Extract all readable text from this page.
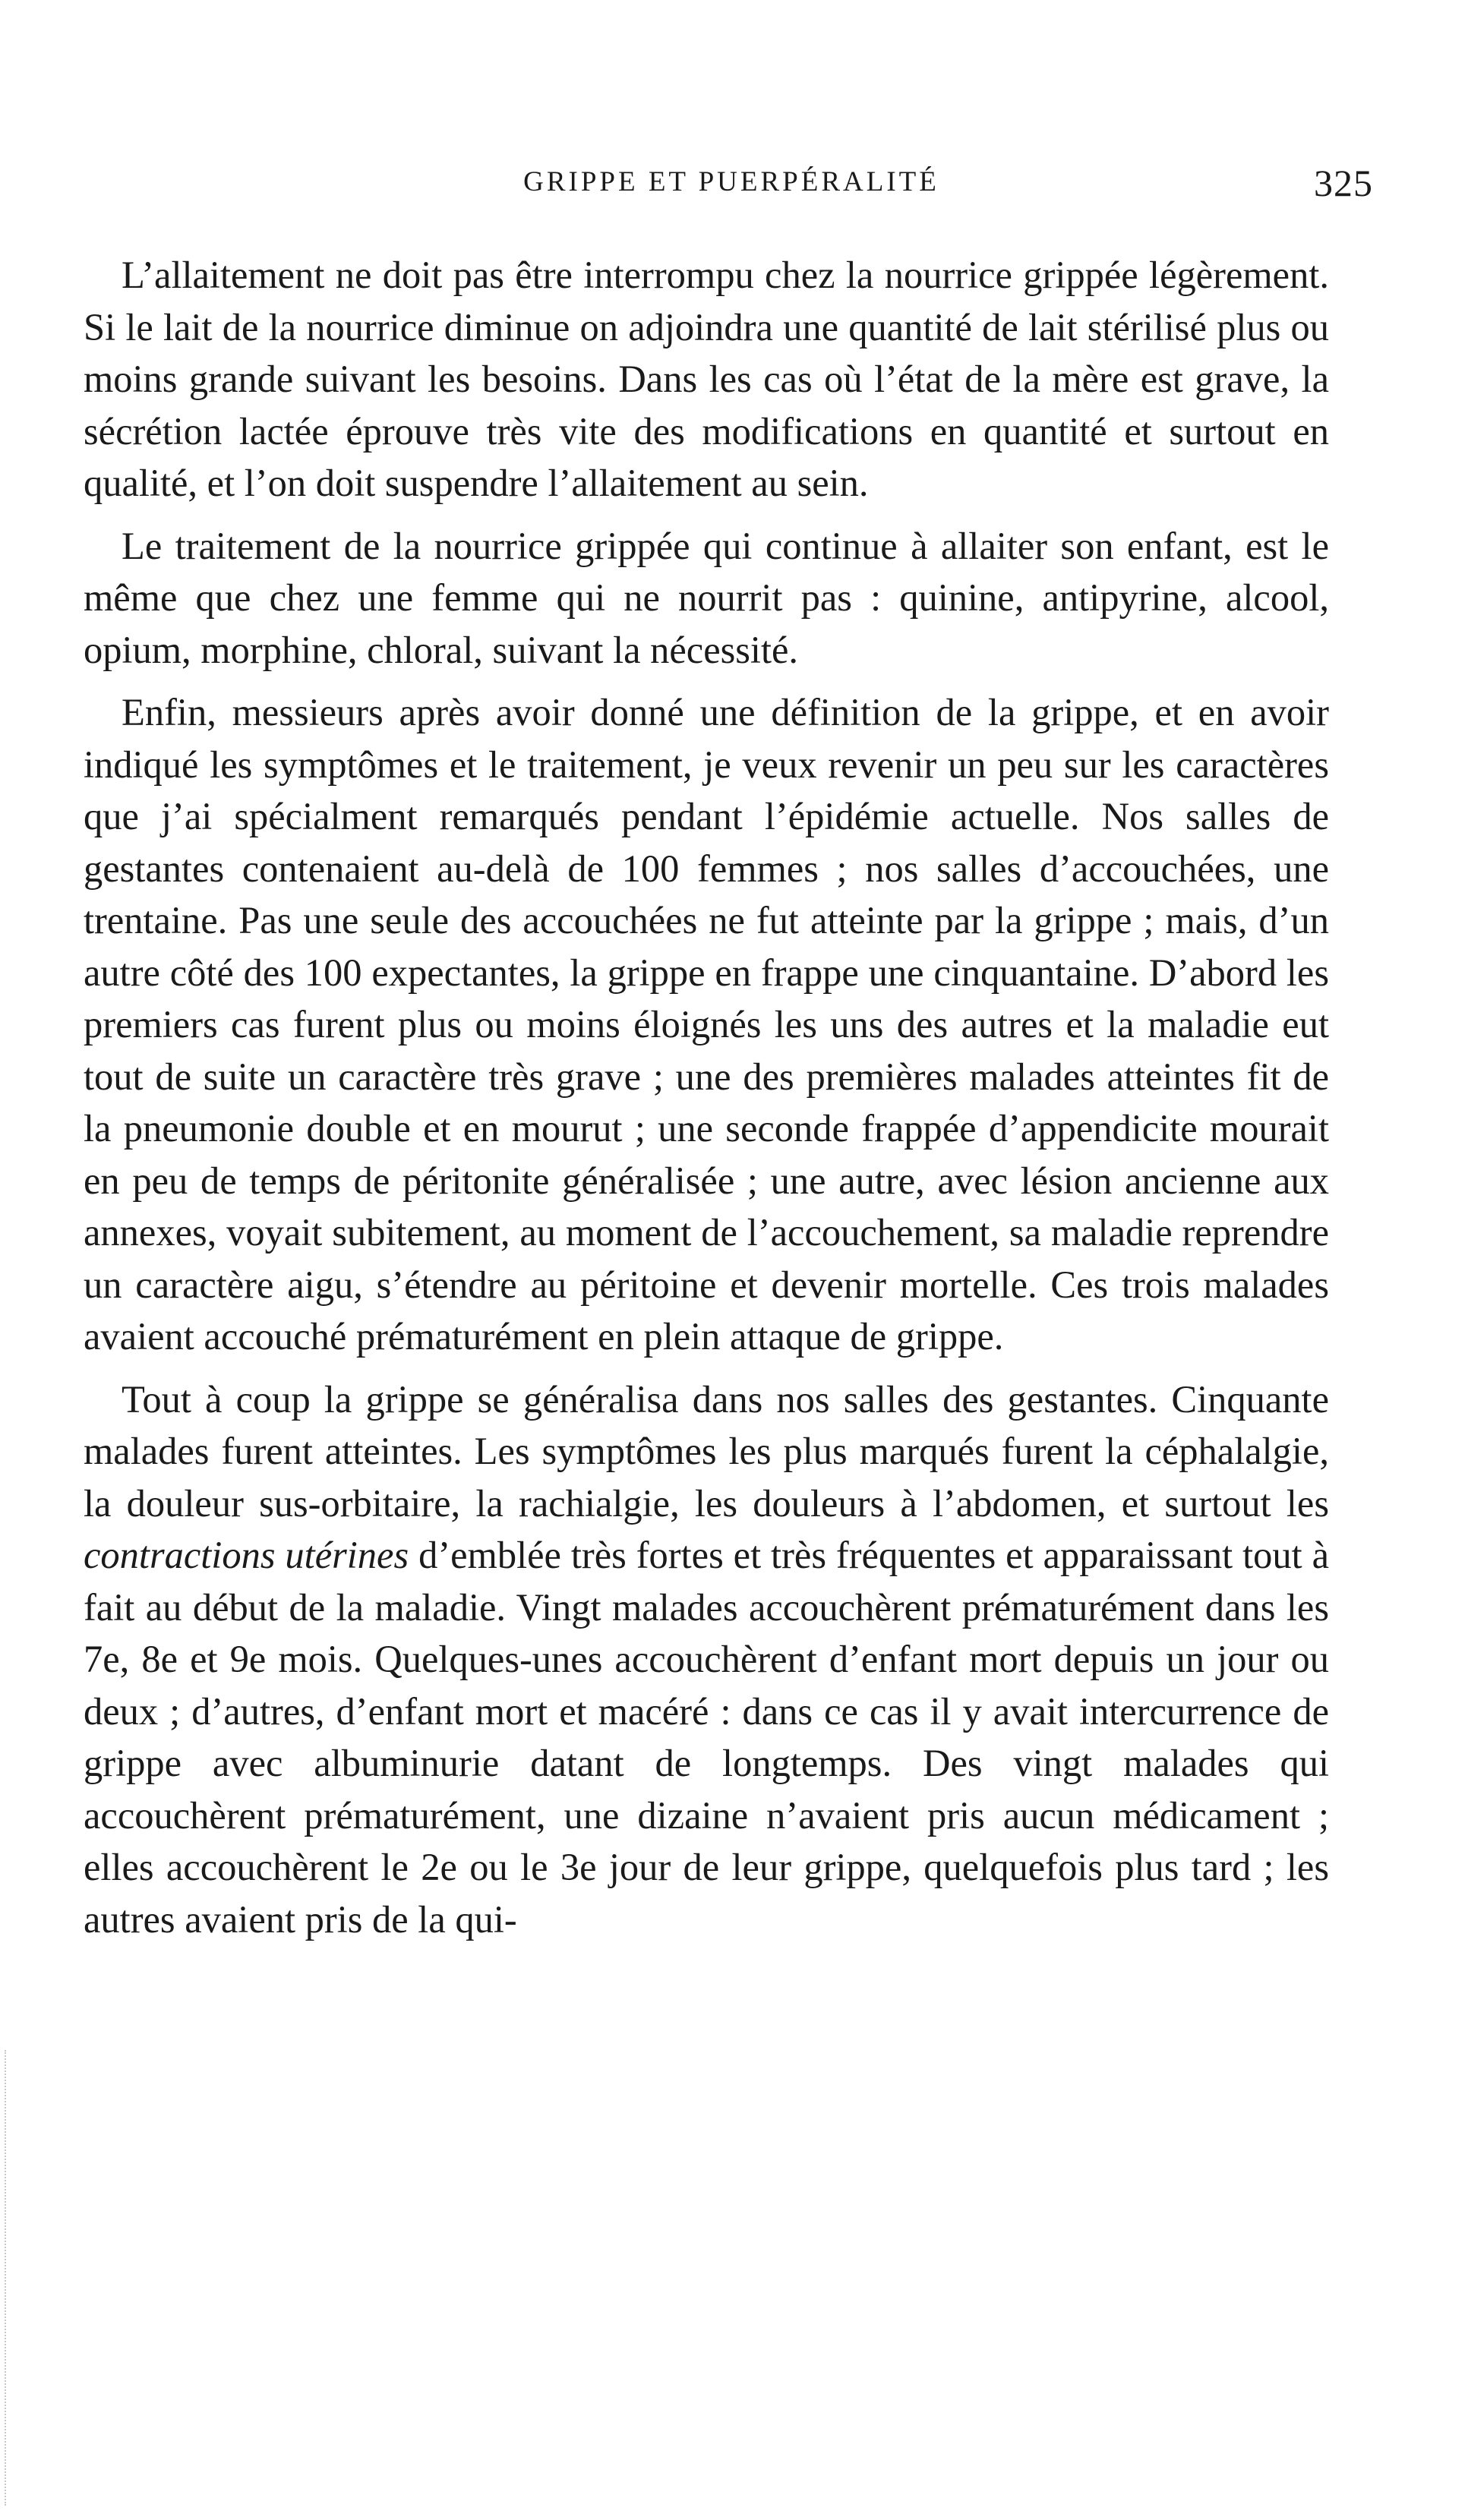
GRIPPE ET PUERPÉRALITÉ	325

L’allaitement ne doit pas être interrompu chez la nourrice grippée légèrement. Si le lait de la nourrice diminue on adjoindra une quantité de lait stérilisé plus ou moins grande suivant les besoins. Dans les cas où l’état de la mère est grave, la sécrétion lactée éprouve très vite des modifications en quantité et surtout en qualité, et l’on doit suspendre l’allaitement au sein.

Le traitement de la nourrice grippée qui continue à allaiter son enfant, est le même que chez une femme qui ne nourrit pas : quinine, antipyrine, alcool, opium, morphine, chloral, suivant la nécessité.

Enfin, messieurs après avoir donné une définition de la grippe, et en avoir indiqué les symptômes et le traitement, je veux revenir un peu sur les caractères que j’ai spécialment remarqués pendant l’épidémie actuelle. Nos salles de gestantes contenaient au-delà de 100 femmes ; nos salles d’accouchées, une trentaine. Pas une seule des accouchées ne fut atteinte par la grippe ; mais, d’un autre côté des 100 expectantes, la grippe en frappe une cinquantaine. D’abord les premiers cas furent plus ou moins éloignés les uns des autres et la maladie eut tout de suite un caractère très grave ; une des premières malades atteintes fit de la pneumonie double et en mourut ; une seconde frappée d’appendicite mourait en peu de temps de péritonite généralisée ; une autre, avec lésion ancienne aux annexes, voyait subitement, au moment de l’accouchement, sa maladie reprendre un caractère aigu, s’étendre au péritoine et devenir mortelle. Ces trois malades avaient accouché prématurément en plein attaque de grippe.

Tout à coup la grippe se généralisa dans nos salles des gestantes. Cinquante malades furent atteintes. Les symptômes les plus marqués furent la céphalalgie, la douleur sus-orbitaire, la rachialgie, les douleurs à l’abdomen, et surtout les contractions utérines d’emblée très fortes et très fréquentes et apparaissant tout à fait au début de la maladie. Vingt malades accouchèrent prématurément dans les 7e, 8e et 9e mois. Quelques-unes accouchèrent d’enfant mort depuis un jour ou deux ; d’autres, d’enfant mort et macéré : dans ce cas il y avait intercurrence de grippe avec albuminurie datant de longtemps. Des vingt malades qui accouchèrent prématurément, une dizaine n’avaient pris aucun médicament ; elles accouchèrent le 2e ou le 3e jour de leur grippe, quelquefois plus tard ; les autres avaient pris de la qui-
